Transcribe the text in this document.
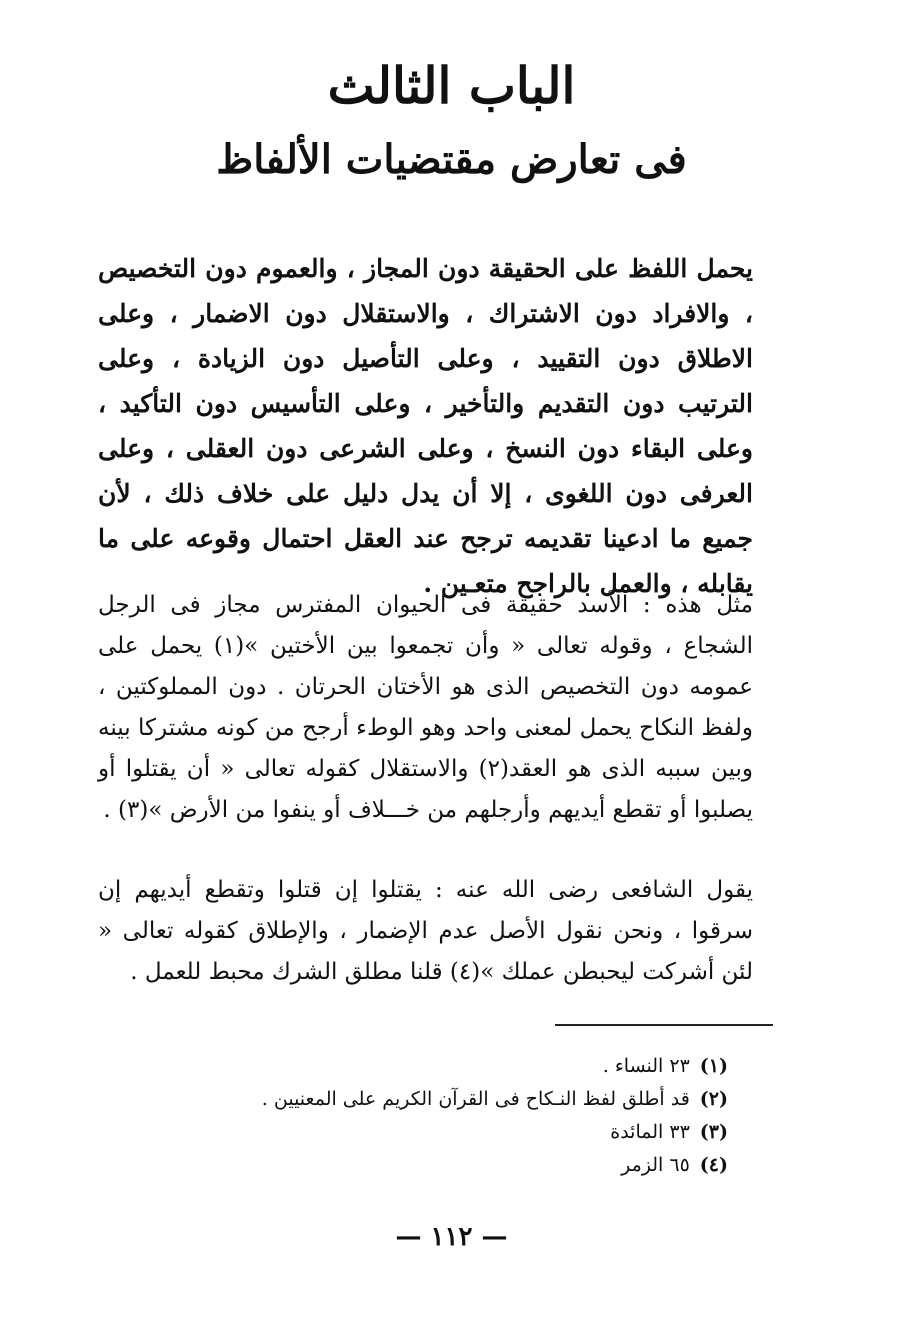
الباب الثالث
فى تعارض مقتضيات الألفاظ

يحمل اللفظ على الحقيقة دون المجاز ، والعموم دون التخصيص ، والافراد دون الاشتراك ، والاستقلال دون الاضمار ، وعلى الاطلاق دون التقييد ، وعلى التأصيل دون الزيادة ، وعلى الترتيب دون التقديم والتأخير ، وعلى التأسيس دون التأكيد ، وعلى البقاء دون النسخ ، وعلى الشرعى دون العقلى ، وعلى العرفى دون اللغوى ، إلا أن يدل دليل على خلاف ذلك ، لأن جميع ما ادعينا تقديمه ترجح عند العقل احتمال وقوعه على ما يقابله ، والعمل بالراجح متعـين .

مثل هذه : الأسد حقيقة فى الحيوان المفترس مجاز فى الرجل الشجاع ، وقوله تعالى « وأن تجمعوا بين الأختين »(١) يحمل على عمومه دون التخصيص الذى هو الأختان الحرتان . دون المملوكتين ، ولفظ النكاح يحمل لمعنى واحد وهو الوطء أرجح من كونه مشتركا بينه وبين سببه الذى هو العقد(٢) والاستقلال كقوله تعالى « أن يقتلوا أو يصلبوا أو تقطع أيديهم وأرجلهم من خـــلاف أو ينفوا من الأرض »(٣) .

يقول الشافعى رضى الله عنه : يقتلوا إن قتلوا وتقطع أيديهم إن سرقوا ، ونحن نقول الأصل عدم الإضمار ، والإطلاق كقوله تعالى « لئن أشركت ليحبطن عملك »(٤) قلنا مطلق الشرك محبط للعمل .

(١)٢٣ النساء .
(٢)قد أطلق لفظ النـكاح فى القرآن الكريم على المعنيين .
(٣)٣٣ المائدة
(٤)٦٥ الزمر
— ١١٢ —
